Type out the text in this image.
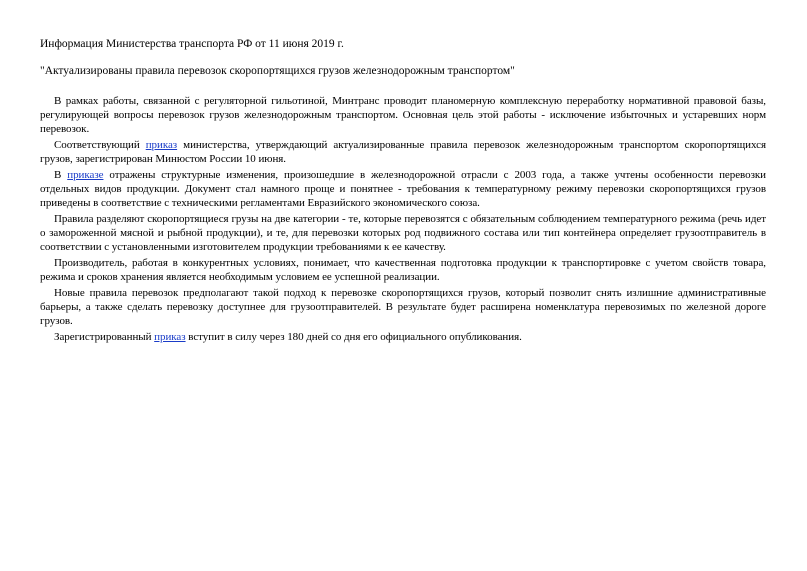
Информация Министерства транспорта РФ от 11 июня 2019 г.
"Актуализированы правила перевозок скоропортящихся грузов железнодорожным транспортом"

В рамках работы, связанной с регуляторной гильотиной, Минтранс проводит планомерную комплексную переработку нормативной правовой базы, регулирующей вопросы перевозок грузов железнодорожным транспортом. Основная цель этой работы - исключение избыточных и устаревших норм перевозок.

Соответствующий приказ министерства, утверждающий актуализированные правила перевозок железнодорожным транспортом скоропортящихся грузов, зарегистрирован Минюстом России 10 июня.

В приказе отражены структурные изменения, произошедшие в железнодорожной отрасли с 2003 года, а также учтены особенности перевозки отдельных видов продукции. Документ стал намного проще и понятнее - требования к температурному режиму перевозки скоропортящихся грузов приведены в соответствие с техническими регламентами Евразийского экономического союза.

Правила разделяют скоропортящиеся грузы на две категории - те, которые перевозятся с обязательным соблюдением температурного режима (речь идет о замороженной мясной и рыбной продукции), и те, для перевозки которых род подвижного состава или тип контейнера определяет грузоотправитель в соответствии с установленными изготовителем продукции требованиями к ее качеству.

Производитель, работая в конкурентных условиях, понимает, что качественная подготовка продукции к транспортировке с учетом свойств товара, режима и сроков хранения является необходимым условием ее успешной реализации.

Новые правила перевозок предполагают такой подход к перевозке скоропортящихся грузов, который позволит снять излишние административные барьеры, а также сделать перевозку доступнее для грузоотправителей. В результате будет расширена номенклатура перевозимых по железной дороге грузов.

Зарегистрированный приказ вступит в силу через 180 дней со дня его официального опубликования.
